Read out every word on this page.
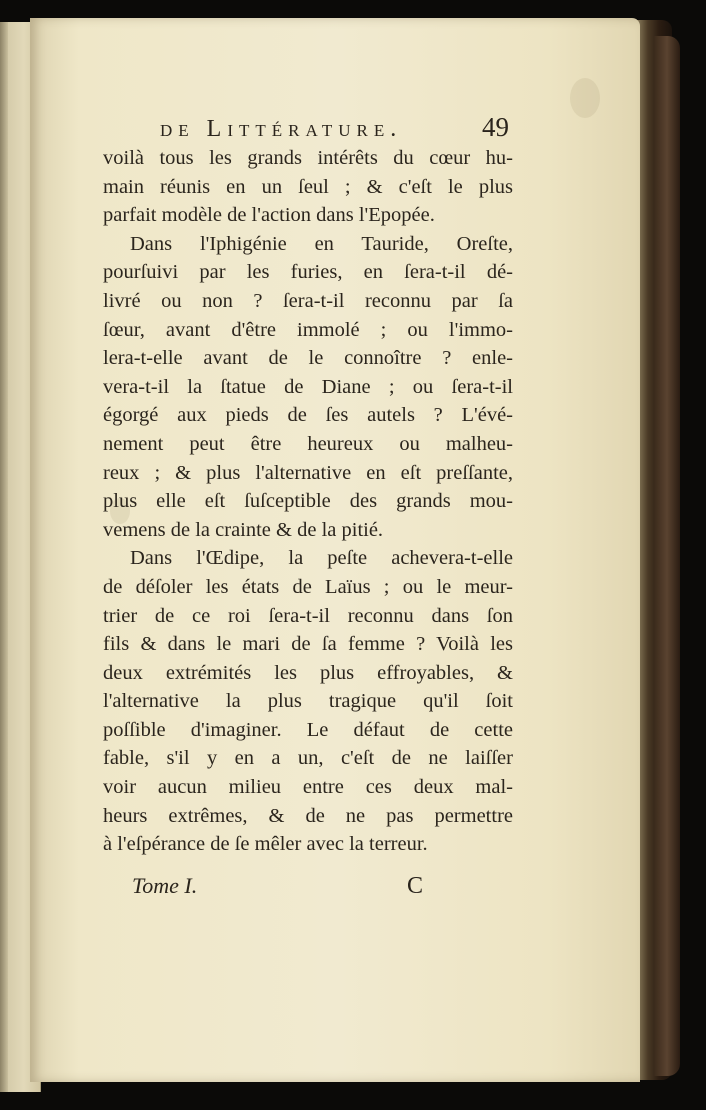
de Littérature.	49
voilà tous les grands intérêts du cœur hu-
main réunis en un ſeul ; & c'eſt le plus
parfait modèle de l'action dans l'Epopée.
Dans l'Iphigénie en Tauride, Oreſte,
pourſuivi par les furies, en ſera-t-il dé-
livré ou non ? ſera-t-il reconnu par ſa
ſœur, avant d'être immolé ; ou l'immo-
lera-t-elle avant de le connoître ? enle-
vera-t-il la ſtatue de Diane ; ou ſera-t-il
égorgé aux pieds de ſes autels ? L'évé-
nement peut être heureux ou malheu-
reux ; & plus l'alternative en eſt preſſante,
plus elle eſt ſuſceptible des grands mou-
vemens de la crainte & de la pitié.
Dans l'Œdipe, la peſte achevera-t-elle
de déſoler les états de Laïus ; ou le meur-
trier de ce roi ſera-t-il reconnu dans ſon
fils & dans le mari de ſa femme ? Voilà les
deux extrémités les plus effroyables, &
l'alternative la plus tragique qu'il ſoit
poſſible d'imaginer. Le défaut de cette
fable, s'il y en a un, c'eſt de ne laiſſer
voir aucun milieu entre ces deux mal-
heurs extrêmes, & de ne pas permettre
à l'eſpérance de ſe mêler avec la terreur.
Tome I.	C
